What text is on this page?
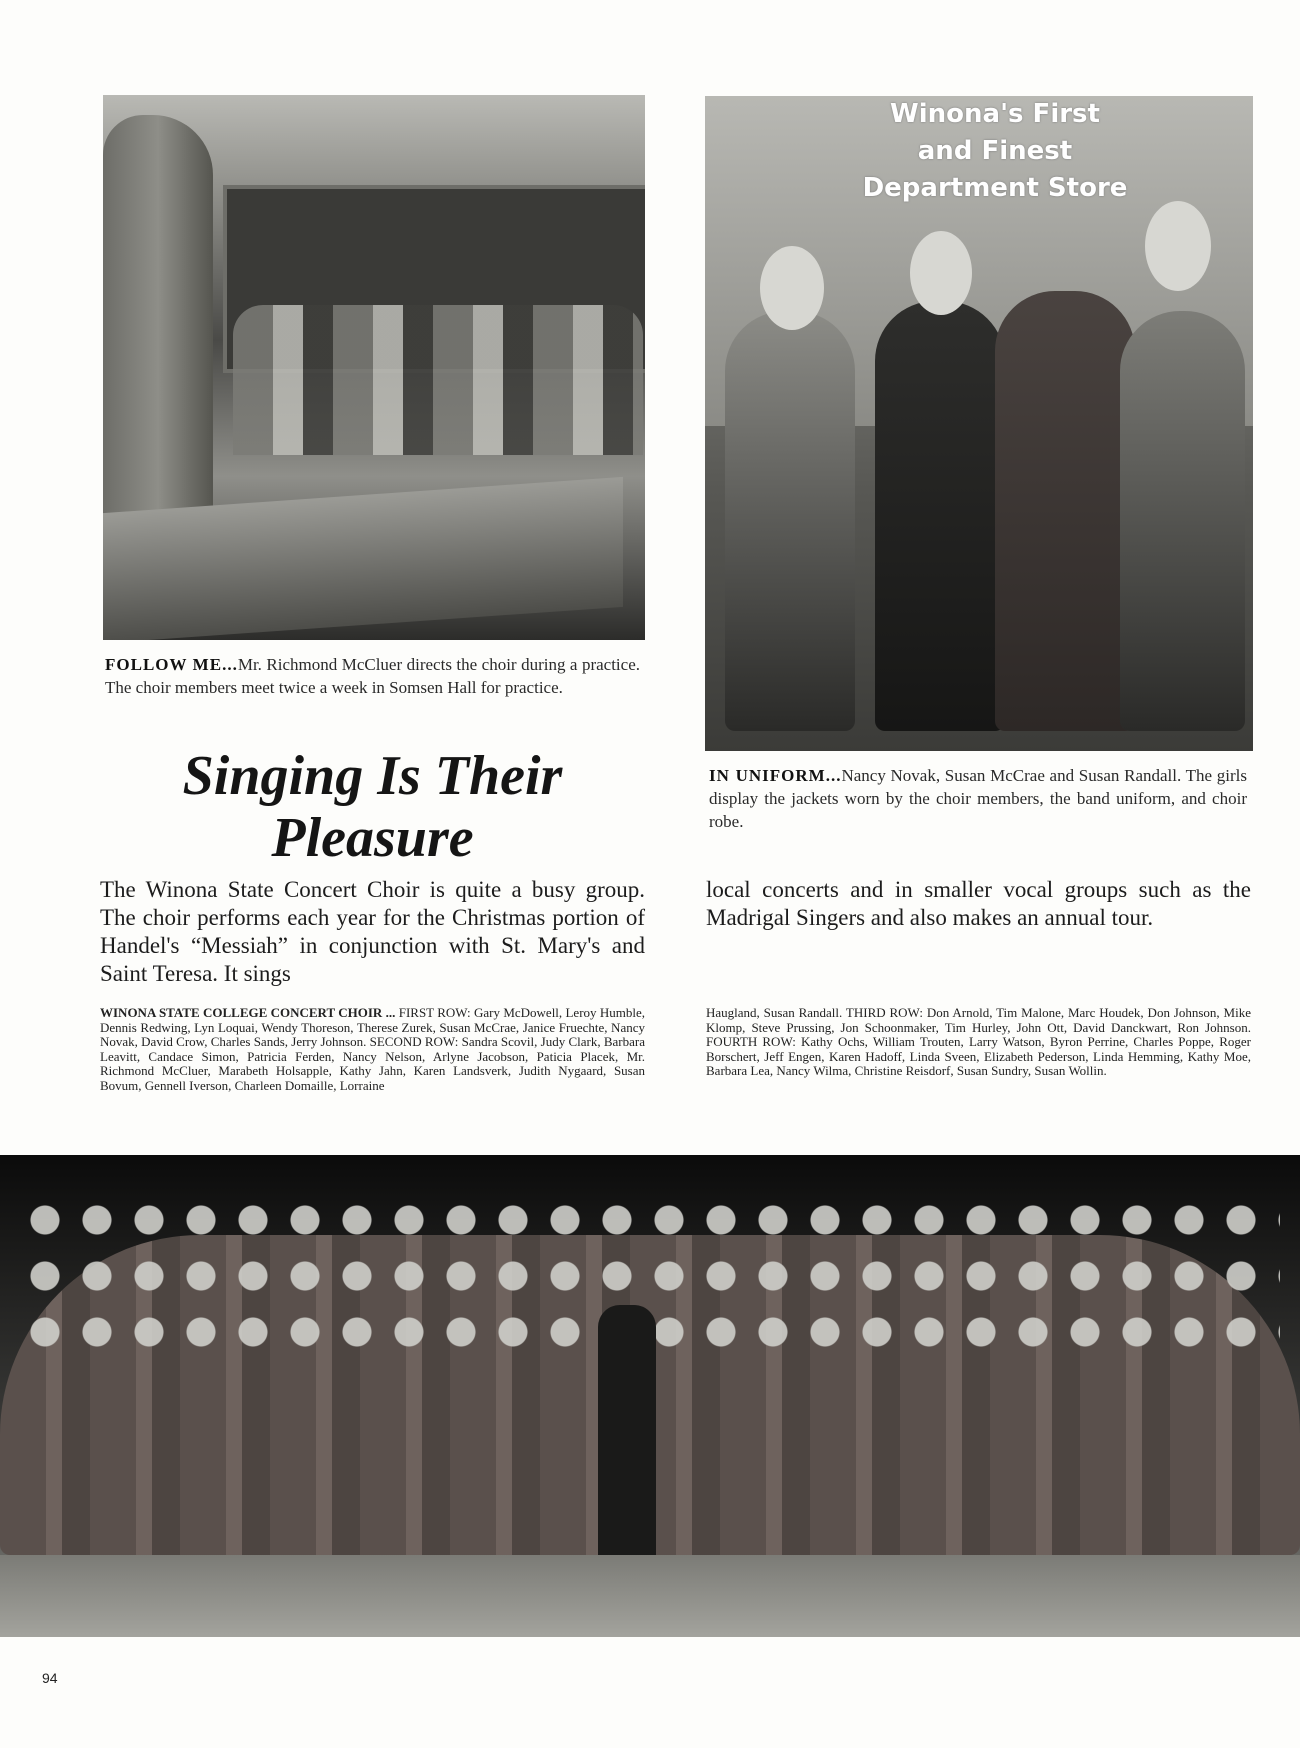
Winona's First
and Finest
Department Store
FOLLOW ME...Mr. Richmond McCluer directs the choir during a practice. The choir members meet twice a week in Somsen Hall for practice.
IN UNIFORM...Nancy Novak, Susan McCrae and Susan Randall. The girls display the jackets worn by the choir members, the band uniform, and choir robe.
Singing Is Their
Pleasure
The Winona State Concert Choir is quite a busy group. The choir performs each year for the Christmas portion of Handel's “Messiah” in conjunction with St. Mary's and Saint Teresa. It sings
local concerts and in smaller vocal groups such as the Madrigal Singers and also makes an annual tour.
WINONA STATE COLLEGE CONCERT CHOIR ... FIRST ROW: Gary McDowell, Leroy Humble, Dennis Redwing, Lyn Loquai, Wendy Thoreson, Therese Zurek, Susan McCrae, Janice Fruechte, Nancy Novak, David Crow, Charles Sands, Jerry Johnson. SECOND ROW: Sandra Scovil, Judy Clark, Barbara Leavitt, Candace Simon, Patricia Ferden, Nancy Nelson, Arlyne Jacobson, Paticia Placek, Mr. Richmond McCluer, Marabeth Holsapple, Kathy Jahn, Karen Landsverk, Judith Nygaard, Susan Bovum, Gennell Iverson, Charleen Domaille, Lorraine
Haugland, Susan Randall. THIRD ROW: Don Arnold, Tim Malone, Marc Houdek, Don Johnson, Mike Klomp, Steve Prussing, Jon Schoonmaker, Tim Hurley, John Ott, David Danckwart, Ron Johnson. FOURTH ROW: Kathy Ochs, William Trouten, Larry Watson, Byron Perrine, Charles Poppe, Roger Borschert, Jeff Engen, Karen Hadoff, Linda Sveen, Elizabeth Pederson, Linda Hemming, Kathy Moe, Barbara Lea, Nancy Wilma, Christine Reisdorf, Susan Sundry, Susan Wollin.
94
